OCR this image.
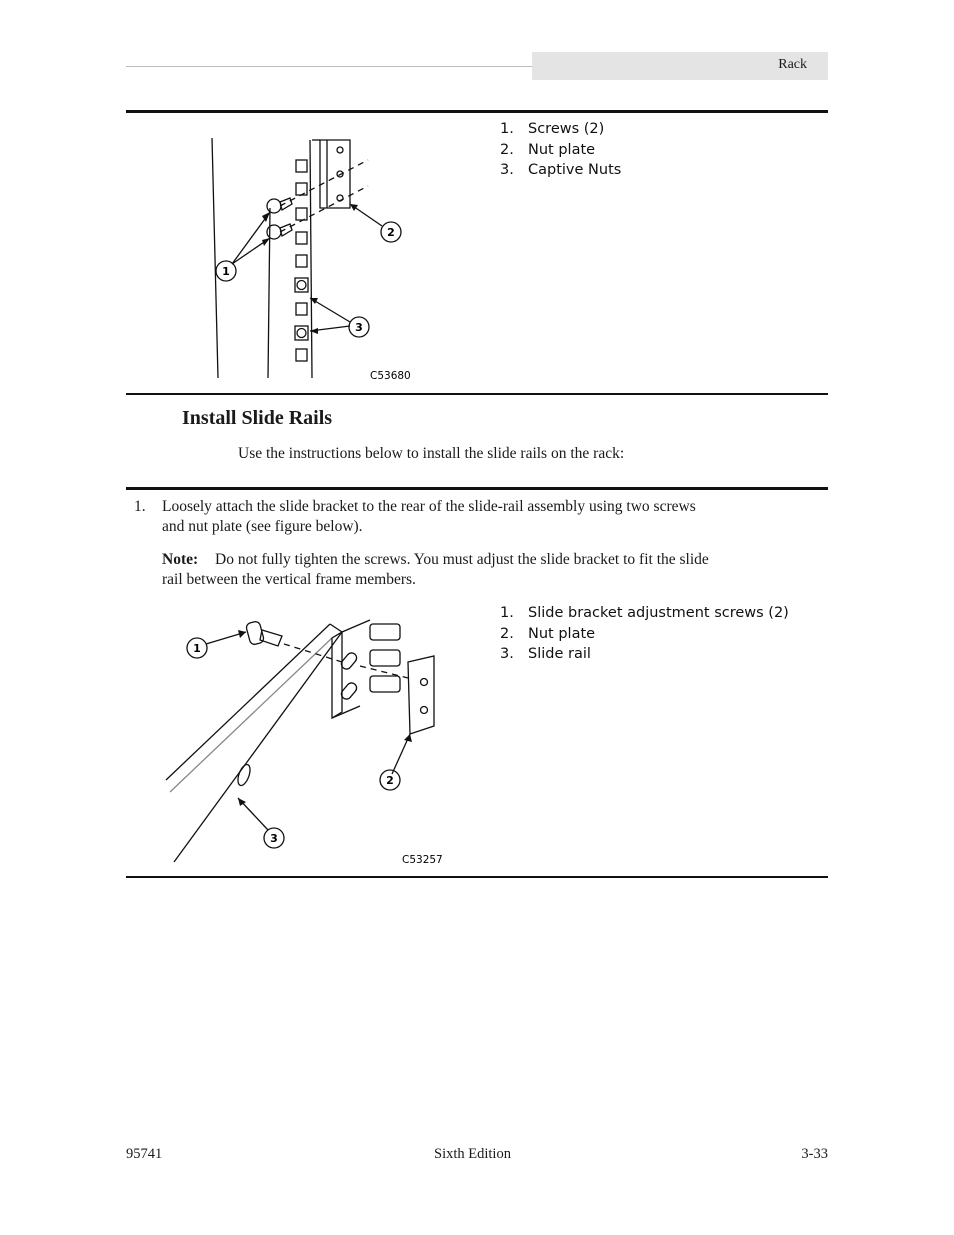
Rack
1
2
3
C53680
1. Screws (2)
2. Nut plate
3. Captive Nuts
Install Slide Rails
Use the instructions below to install the slide rails on the rack:
1. Loosely attach the slide bracket to the rear of the slide-rail assembly using two screws
and nut plate (see figure below).
Note: Do not fully tighten the screws. You must adjust the slide bracket to fit the slide
rail between the vertical frame members.
1
2
3
C53257
1. Slide bracket adjustment screws (2)
2. Nut plate
3. Slide rail
95741	Sixth Edition	3-33
